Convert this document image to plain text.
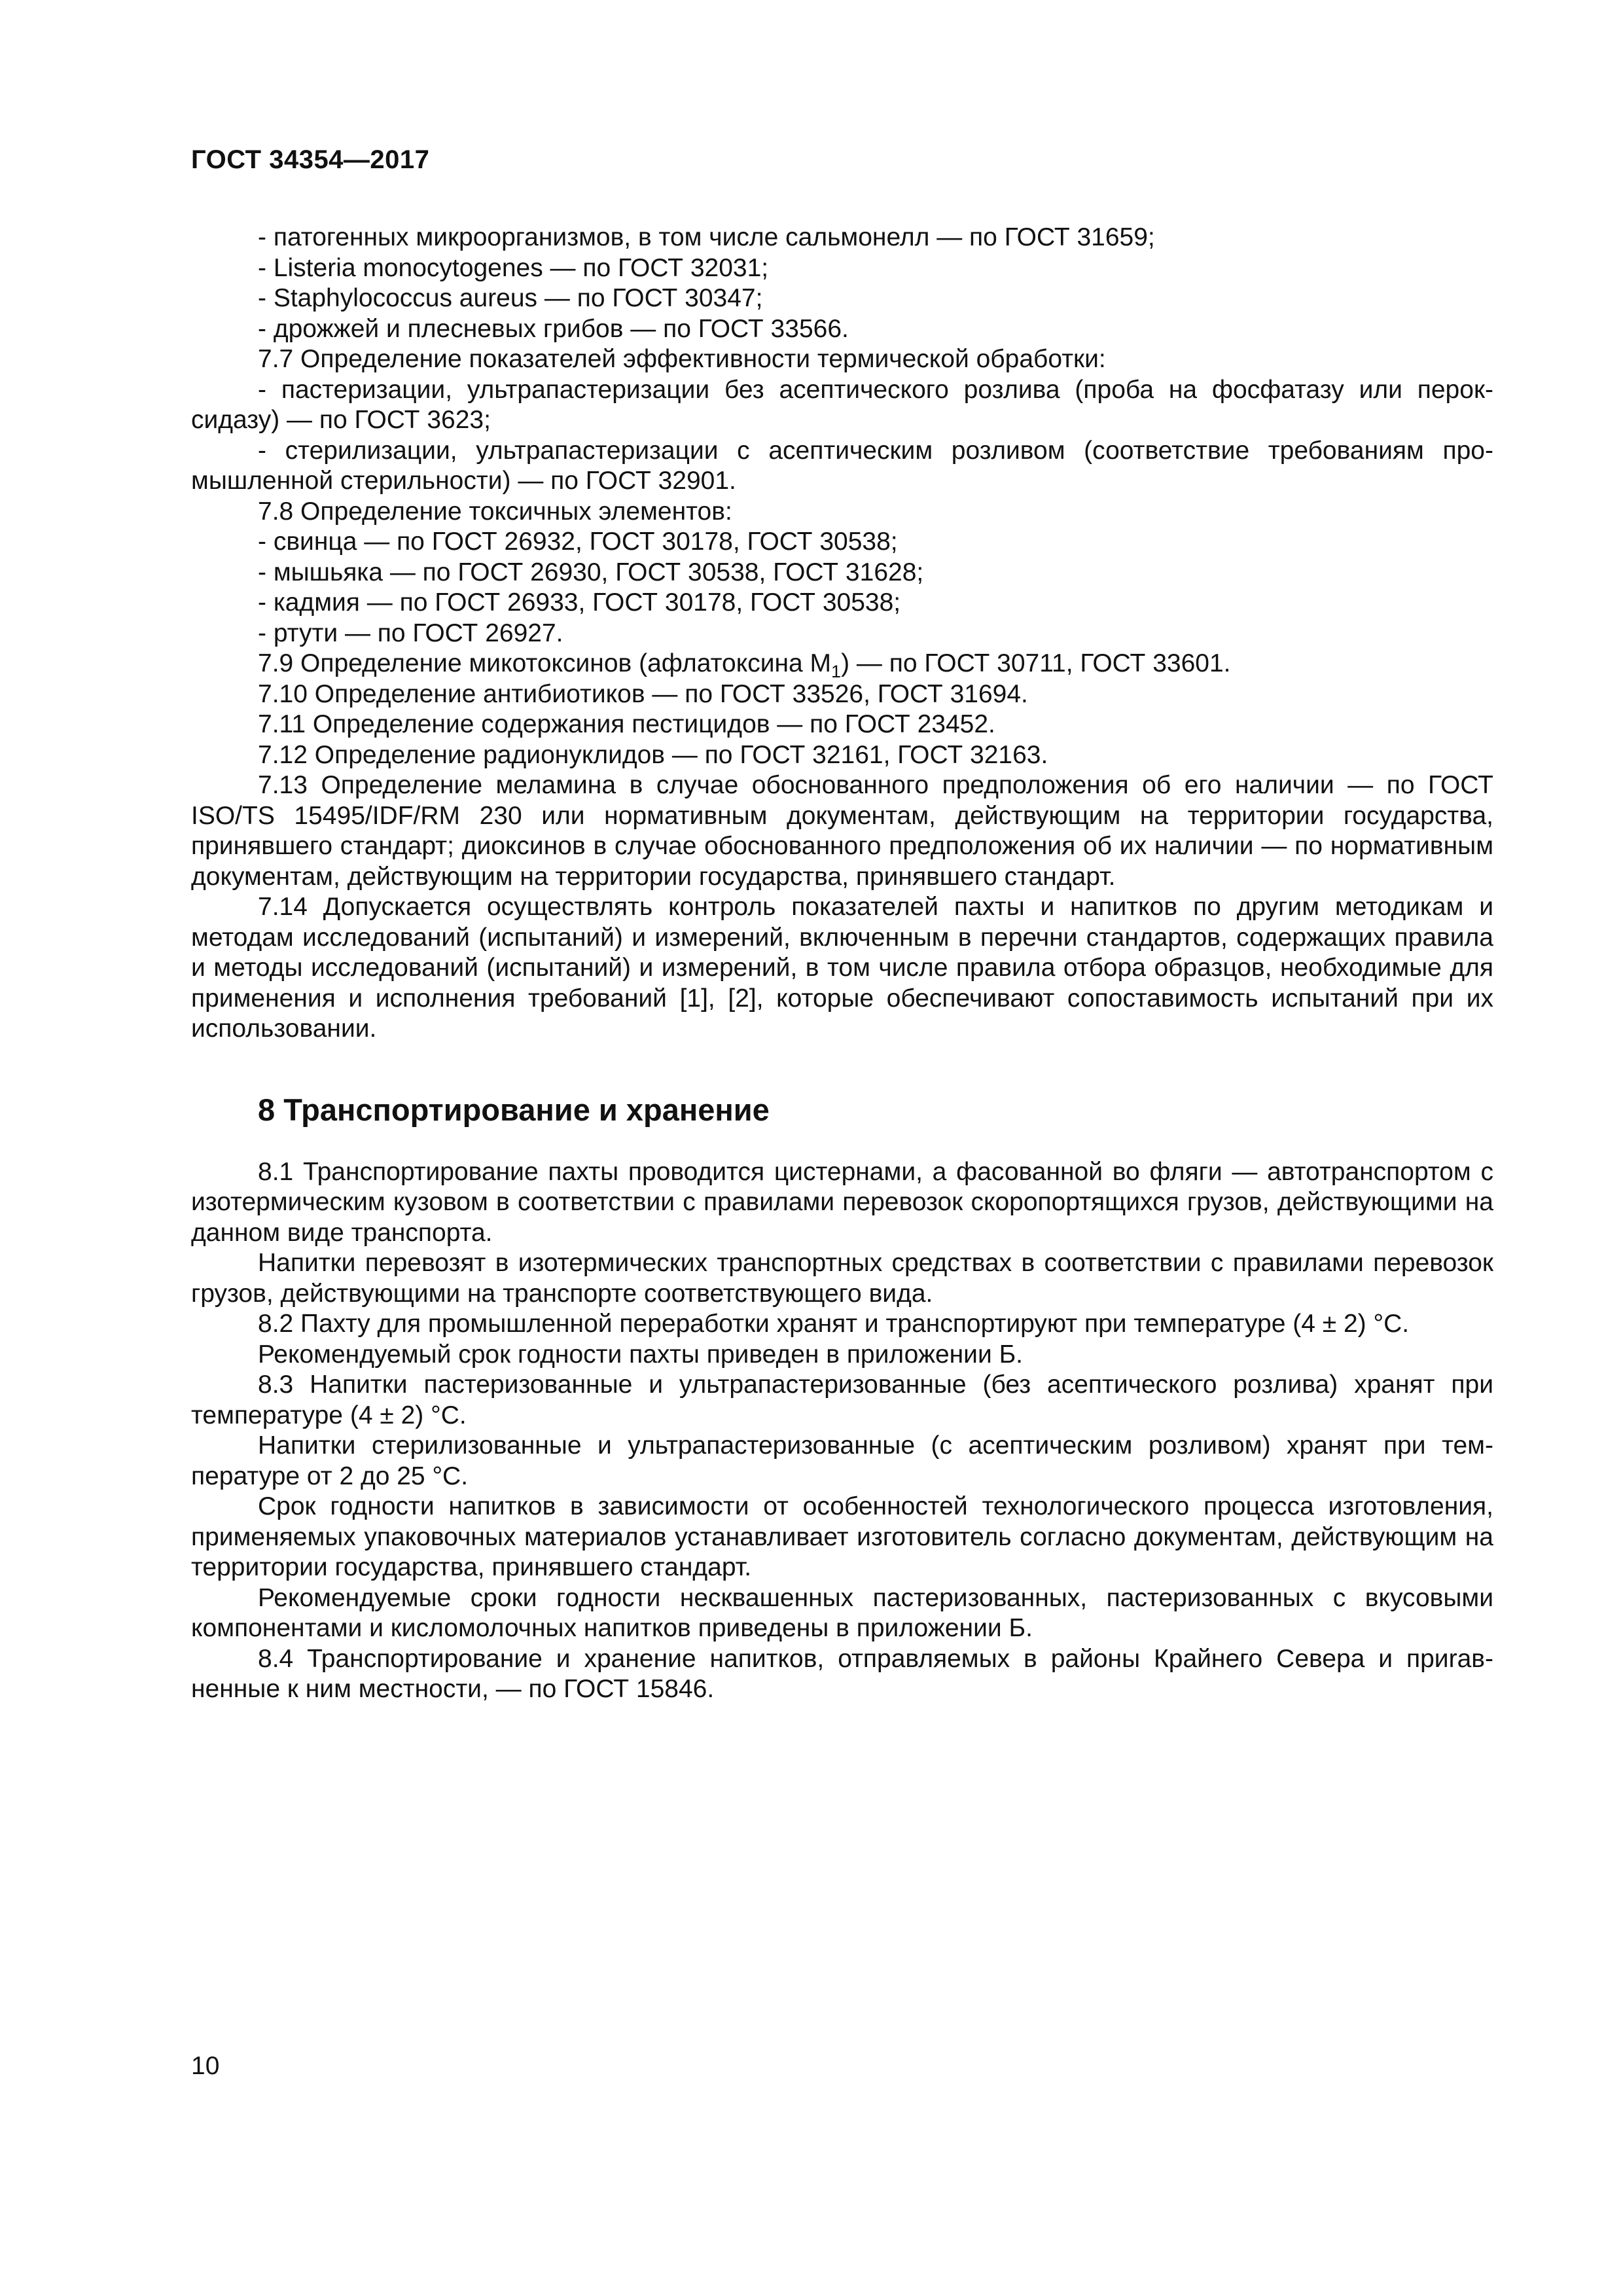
ГОСТ 34354—2017

- патогенных микроорганизмов, в том числе сальмонелл — по ГОСТ 31659;

- Listeria monocytogenes — по ГОСТ 32031;

- Staphylococcus aureus — по ГОСТ 30347;

- дрожжей и плесневых грибов — по ГОСТ 33566.

7.7 Определение показателей эффективности термической обработки:

- пастеризации, ультрапастеризации без асептического розлива (проба на фосфатазу или пероксидазу) — по ГОСТ 3623;

- стерилизации, ультрапастеризации с асептическим розливом (соответствие требованиям промышленной стерильности) — по ГОСТ 32901.

7.8 Определение токсичных элементов:

- свинца — по ГОСТ 26932, ГОСТ 30178, ГОСТ 30538;

- мышьяка — по ГОСТ 26930, ГОСТ 30538, ГОСТ 31628;

- кадмия — по ГОСТ 26933, ГОСТ 30178, ГОСТ 30538;

- ртути — по ГОСТ 26927.

7.9 Определение микотоксинов (афлатоксина $M_1$) — по ГОСТ 30711, ГОСТ 33601.

7.10 Определение антибиотиков — по ГОСТ 33526, ГОСТ 31694.

7.11 Определение содержания пестицидов — по ГОСТ 23452.

7.12 Определение радионуклидов — по ГОСТ 32161, ГОСТ 32163.

7.13 Определение меламина в случае обоснованного предположения об его наличии — по ГОСТ ISO/TS 15495/IDF/RM 230 или нормативным документам, действующим на территории государства, принявшего стандарт; диоксинов в случае обоснованного предположения об их наличии — по нормативным документам, действующим на территории государства, принявшего стандарт.

7.14 Допускается осуществлять контроль показателей пахты и напитков по другим методикам и методам исследований (испытаний) и измерений, включенным в перечни стандартов, содержащих правила и методы исследований (испытаний) и измерений, в том числе правила отбора образцов, необходимые для применения и исполнения требований [1], [2], которые обеспечивают сопоставимость испытаний при их использовании.

8 Транспортирование и хранение

8.1 Транспортирование пахты проводится цистернами, а фасованной во фляги — автотранспортом с изотермическим кузовом в соответствии с правилами перевозок скоропортящихся грузов, действующими на данном виде транспорта.

Напитки перевозят в изотермических транспортных средствах в соответствии с правилами перевозок грузов, действующими на транспорте соответствующего вида.

8.2 Пахту для промышленной переработки хранят и транспортируют при температуре (4 ± 2) °C.

Рекомендуемый срок годности пахты приведен в приложении Б.

8.3 Напитки пастеризованные и ультрапастеризованные (без асептического розлива) хранят при температуре (4 ± 2) °C.

Напитки стерилизованные и ультрапастеризованные (с асептическим розливом) хранят при температуре от 2 до 25 °C.

Срок годности напитков в зависимости от особенностей технологического процесса изготовления, применяемых упаковочных материалов устанавливает изготовитель согласно документам, действующим на территории государства, принявшего стандарт.

Рекомендуемые сроки годности несквашенных пастеризованных, пастеризованных с вкусовыми компонентами и кисломолочных напитков приведены в приложении Б.

8.4 Транспортирование и хранение напитков, отправляемых в районы Крайнего Севера и приrавненные к ним местности, — по ГОСТ 15846.

10
